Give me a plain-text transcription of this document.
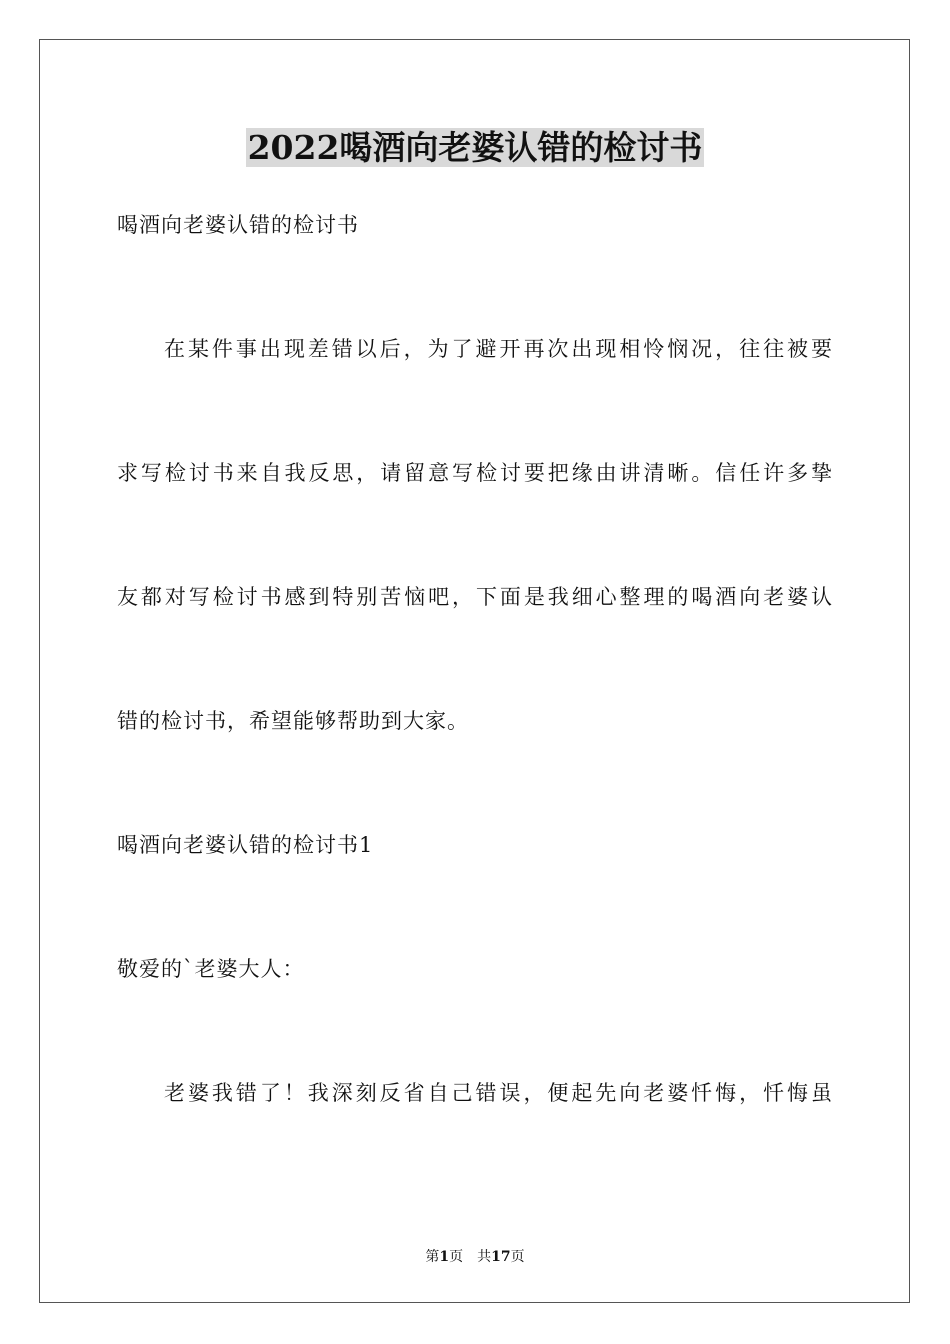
2022喝酒向老婆认错的检讨书
喝酒向老婆认错的检讨书
在某件事出现差错以后，为了避开再次出现相怜悯况，往往被要
求写检讨书来自我反思，请留意写检讨要把缘由讲清晰。信任许多挚
友都对写检讨书感到特别苦恼吧，下面是我细心整理的喝酒向老婆认
错的检讨书，希望能够帮助到大家。
喝酒向老婆认错的检讨书1
敬爱的`老婆大人：
老婆我错了！我深刻反省自己错误，便起先向老婆忏悔，忏悔虽
第1页 共17页
